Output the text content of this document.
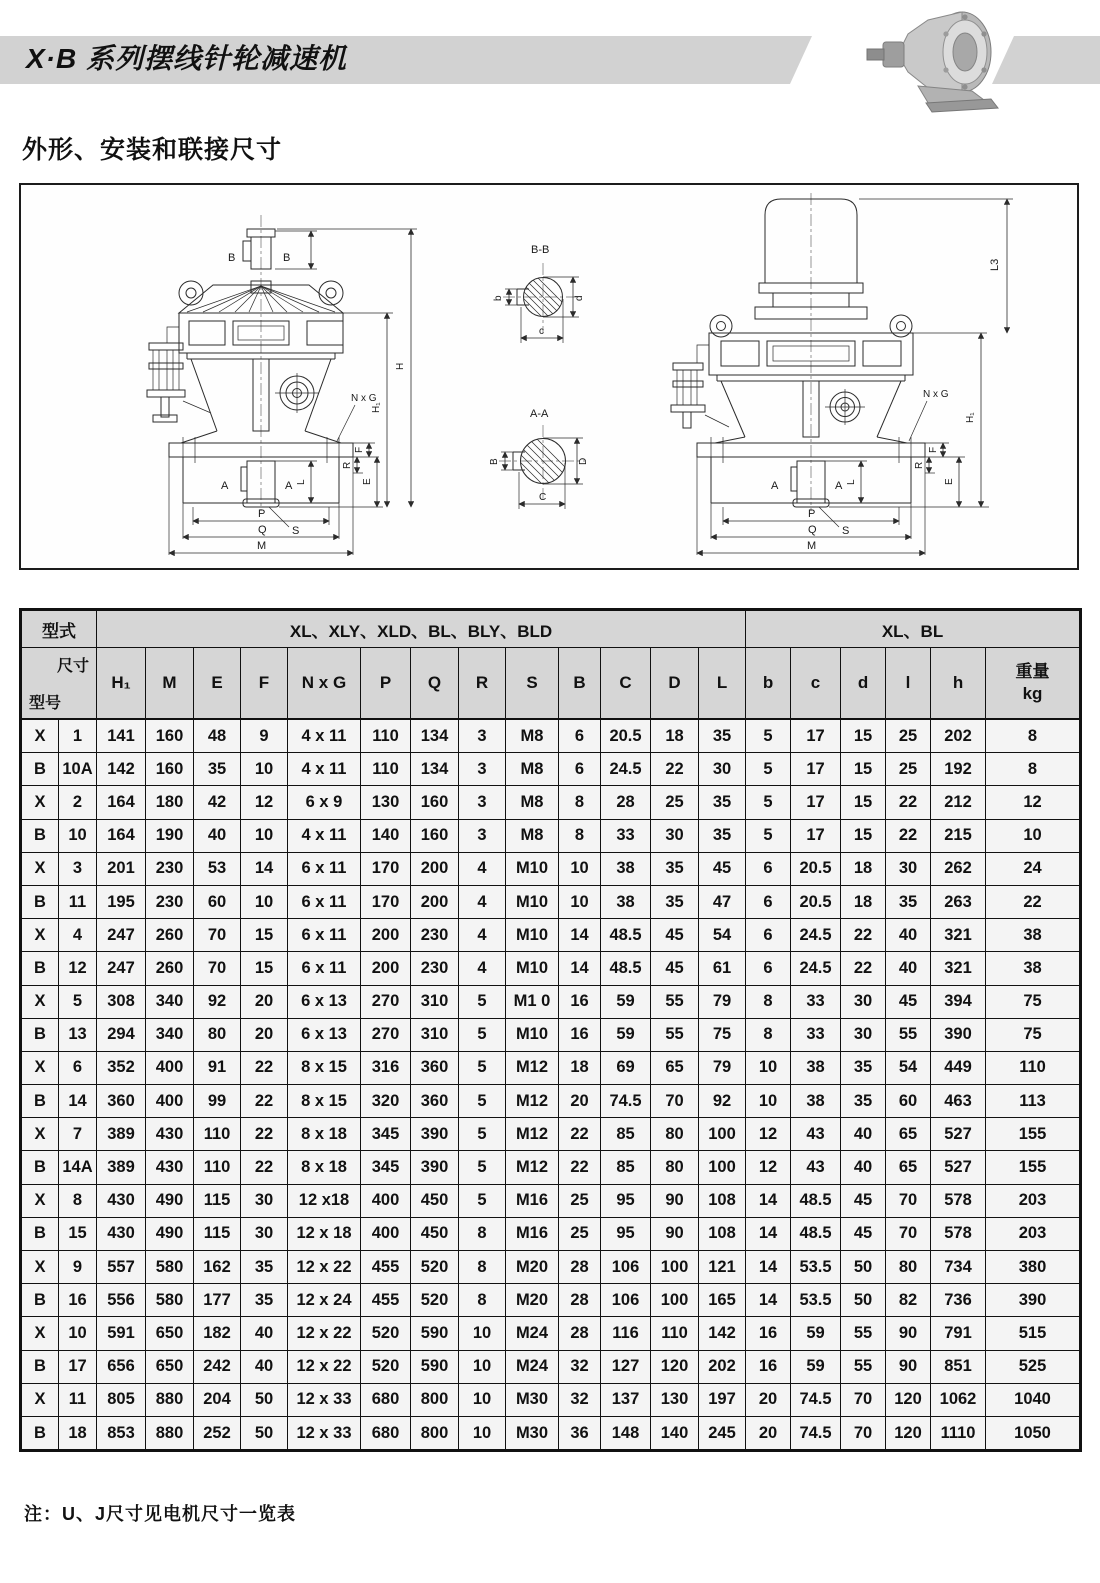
X·B 系列摆线针轮减速机
外形、安装和联接尺寸
B	B
A	A
S
L
N x G
F
R
E
H₁
H
P
Q
M
B-B
b	d
c
A-A
B	D
C
A	A
S
L
N x G
F
R
E
H₁
L3
P
Q
M
型式		XL、XLY、XLD、BL、BLY、BLD													XL、BL					

尺寸
型号		H₁	M	E	F	N x G	P	Q	R	S	B	C	D	L	b	c	d	l	h	重量
kg

X	1	141	160	48	9	4 x 11	110	134	3	M8	6	20.5	18	35	5	17	15	25	202	8
B	10A	142	160	35	10	4 x 11	110	134	3	M8	6	24.5	22	30	5	17	15	25	192	8
X	2	164	180	42	12	6 x 9	130	160	3	M8	8	28	25	35	5	17	15	22	212	12
B	10	164	190	40	10	4 x 11	140	160	3	M8	8	33	30	35	5	17	15	22	215	10
X	3	201	230	53	14	6 x 11	170	200	4	M10	10	38	35	45	6	20.5	18	30	262	24
B	11	195	230	60	10	6 x 11	170	200	4	M10	10	38	35	47	6	20.5	18	35	263	22
X	4	247	260	70	15	6 x 11	200	230	4	M10	14	48.5	45	54	6	24.5	22	40	321	38
B	12	247	260	70	15	6 x 11	200	230	4	M10	14	48.5	45	61	6	24.5	22	40	321	38
X	5	308	340	92	20	6 x 13	270	310	5	M1 0	16	59	55	79	8	33	30	45	394	75
B	13	294	340	80	20	6 x 13	270	310	5	M10	16	59	55	75	8	33	30	55	390	75
X	6	352	400	91	22	8 x 15	316	360	5	M12	18	69	65	79	10	38	35	54	449	110
B	14	360	400	99	22	8 x 15	320	360	5	M12	20	74.5	70	92	10	38	35	60	463	113
X	7	389	430	110	22	8 x 18	345	390	5	M12	22	85	80	100	12	43	40	65	527	155
B	14A	389	430	110	22	8 x 18	345	390	5	M12	22	85	80	100	12	43	40	65	527	155
X	8	430	490	115	30	12 x18	400	450	5	M16	25	95	90	108	14	48.5	45	70	578	203
B	15	430	490	115	30	12 x 18	400	450	8	M16	25	95	90	108	14	48.5	45	70	578	203
X	9	557	580	162	35	12 x 22	455	520	8	M20	28	106	100	121	14	53.5	50	80	734	380
B	16	556	580	177	35	12 x 24	455	520	8	M20	28	106	100	165	14	53.5	50	82	736	390
X	10	591	650	182	40	12 x 22	520	590	10	M24	28	116	110	142	16	59	55	90	791	515
B	17	656	650	242	40	12 x 22	520	590	10	M24	32	127	120	202	16	59	55	90	851	525
X	11	805	880	204	50	12 x 33	680	800	10	M30	32	137	130	197	20	74.5	70	120	1062	1040
B	18	853	880	252	50	12 x 33	680	800	10	M30	36	148	140	245	20	74.5	70	120	1110	1050
注：U、J尺寸见电机尺寸一览表
